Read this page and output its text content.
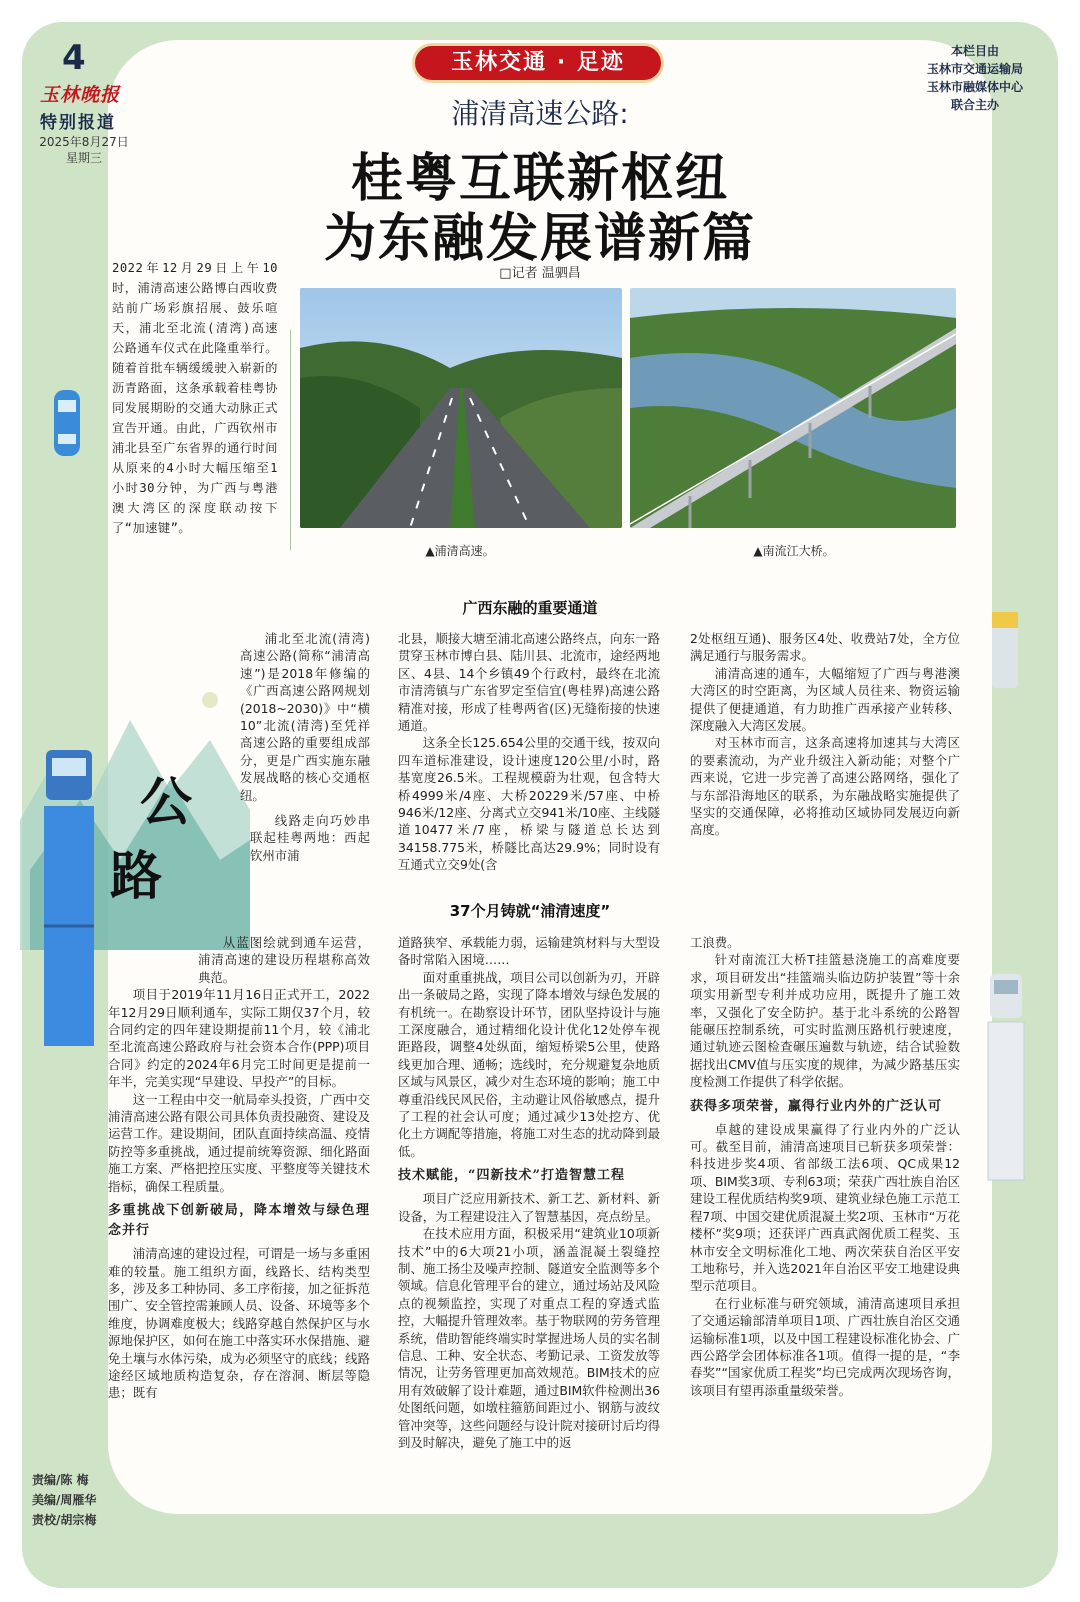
4
玉林晚报
特别报道
2025年8月27日
星期三
玉林交通 · 足迹	本栏目由
玉林市交通运输局
玉林市融媒体中心
联合主办
浦清高速公路:
桂粤互联新枢纽
为东融发展谱新篇
□记者 温驷昌
2022年12月29日上午10时，浦清高速公路博白西收费站前广场彩旗招展、鼓乐喧天，浦北至北流(清湾)高速公路通车仪式在此隆重举行。随着首批车辆缓缓驶入崭新的沥青路面，这条承载着桂粤协同发展期盼的交通大动脉正式宣告开通。由此，广西钦州市浦北县至广东省界的通行时间从原来的4小时大幅压缩至1小时30分钟，为广西与粤港澳大湾区的深度联动按下了“加速键”。
▲浦清高速。	▲南流江大桥。
公
路
广西东融的重要通道

浦北至北流(清湾)高速公路(简称“浦清高速”)是2018年修编的《广西高速公路网规划(2018~2030)》中“横10”北流(清湾)至凭祥高速公路的重要组成部分，更是广西实施东融发展战略的核心交通枢纽。

线路走向巧妙串联起桂粤两地：西起钦州市浦

北县，顺接大塘至浦北高速公路终点，向东一路贯穿玉林市博白县、陆川县、北流市，途经两地区、4县、14个乡镇49个行政村，最终在北流市清湾镇与广东省罗定至信宜(粤桂界)高速公路精准对接，形成了桂粤两省(区)无缝衔接的快速通道。

这条全长125.654公里的交通干线，按双向四车道标准建设，设计速度120公里/小时，路基宽度26.5米。工程规模蔚为壮观，包含特大桥4999米/4座、大桥20229米/57座、中桥946米/12座、分离式立交941米/10座、主线隧道10477米/7座，桥梁与隧道总长达到34158.775米，桥隧比高达29.9%；同时设有互通式立交9处(含

2处枢纽互通)、服务区4处、收费站7处，全方位满足通行与服务需求。

浦清高速的通车，大幅缩短了广西与粤港澳大湾区的时空距离，为区域人员往来、物资运输提供了便捷通道，有力助推广西承接产业转移、深度融入大湾区发展。

对玉林市而言，这条高速将加速其与大湾区的要素流动，为产业升级注入新动能；对整个广西来说，它进一步完善了高速公路网络，强化了与东部沿海地区的联系，为东融战略实施提供了坚实的交通保障，必将推动区域协同发展迈向新高度。

37个月铸就“浦清速度”

从蓝图绘就到通车运营，浦清高速的建设历程堪称高效典范。

项目于2019年11月16日正式开工，2022年12月29日顺利通车，实际工期仅37个月，较合同约定的四年建设期提前11个月，较《浦北至北流高速公路政府与社会资本合作(PPP)项目合同》约定的2024年6月完工时间更是提前一年半，完美实现“早建设、早投产”的目标。

这一工程由中交一航局牵头投资，广西中交浦清高速公路有限公司具体负责投融资、建设及运营工作。建设期间，团队直面持续高温、疫情防控等多重挑战，通过提前统筹资源、细化路面施工方案、严格把控压实度、平整度等关键技术指标，确保工程质量。

多重挑战下创新破局，降本增效与绿色理念并行

浦清高速的建设过程，可谓是一场与多重困难的较量。施工组织方面，线路长、结构类型多，涉及多工种协同、多工序衔接，加之征拆范围广、安全管控需兼顾人员、设备、环境等多个维度，协调难度极大；线路穿越自然保护区与水源地保护区，如何在施工中落实环水保措施、避免土壤与水体污染，成为必须坚守的底线；线路途经区域地质构造复杂，存在溶洞、断层等隐患；既有

道路狭窄、承载能力弱，运输建筑材料与大型设备时常陷入困境……

面对重重挑战，项目公司以创新为刃，开辟出一条破局之路，实现了降本增效与绿色发展的有机统一。在勘察设计环节，团队坚持设计与施工深度融合，通过精细化设计优化12处停车视距路段，调整4处纵面，缩短桥梁5公里，使路线更加合理、通畅；选线时，充分规避复杂地质区域与风景区，减少对生态环境的影响；施工中尊重沿线民风民俗，主动避让风俗敏感点，提升了工程的社会认可度；通过减少13处挖方、优化土方调配等措施，将施工对生态的扰动降到最低。

技术赋能，“四新技术”打造智慧工程

项目广泛应用新技术、新工艺、新材料、新设备，为工程建设注入了智慧基因，亮点纷呈。

在技术应用方面，积极采用“建筑业10项新技术”中的6大项21小项，涵盖混凝土裂缝控制、施工扬尘及噪声控制、隧道安全监测等多个领域。信息化管理平台的建立，通过场站及风险点的视频监控，实现了对重点工程的穿透式监控，大幅提升管理效率。基于物联网的劳务管理系统，借助智能终端实时掌握进场人员的实名制信息、工种、安全状态、考勤记录、工资发放等情况，让劳务管理更加高效规范。BIM技术的应用有效破解了设计难题，通过BIM软件检测出36处图纸问题，如墩柱箍筋间距过小、钢筋与波纹管冲突等，这些问题经与设计院对接研讨后均得到及时解决，避免了施工中的返

工浪费。

针对南流江大桥T挂篮悬浇施工的高难度要求，项目研发出“挂篮端头临边防护装置”等十余项实用新型专利并成功应用，既提升了施工效率，又强化了安全防护。基于北斗系统的公路智能碾压控制系统，可实时监测压路机行驶速度，通过轨迹云图检查碾压遍数与轨迹，结合试验数据找出CMV值与压实度的规律，为减少路基压实度检测工作提供了科学依据。

获得多项荣誉，赢得行业内外的广泛认可

卓越的建设成果赢得了行业内外的广泛认可。截至目前，浦清高速项目已斩获多项荣誉：科技进步奖4项、省部级工法6项、QC成果12项、BIM奖3项、专利63项；荣获广西壮族自治区建设工程优质结构奖9项、建筑业绿色施工示范工程7项、中国交建优质混凝土奖2项、玉林市“万花楼杯”奖9项；还获评广西真武阁优质工程奖、玉林市安全文明标准化工地、两次荣获自治区平安工地称号，并入选2021年自治区平安工地建设典型示范项目。

在行业标准与研究领域，浦清高速项目承担了交通运输部清单项目1项、广西壮族自治区交通运输标准1项，以及中国工程建设标准化协会、广西公路学会团体标准各1项。值得一提的是，“李春奖”“国家优质工程奖”均已完成两次现场咨询，该项目有望再添重量级荣誉。

责编/陈 梅
美编/周雁华
责校/胡宗梅
